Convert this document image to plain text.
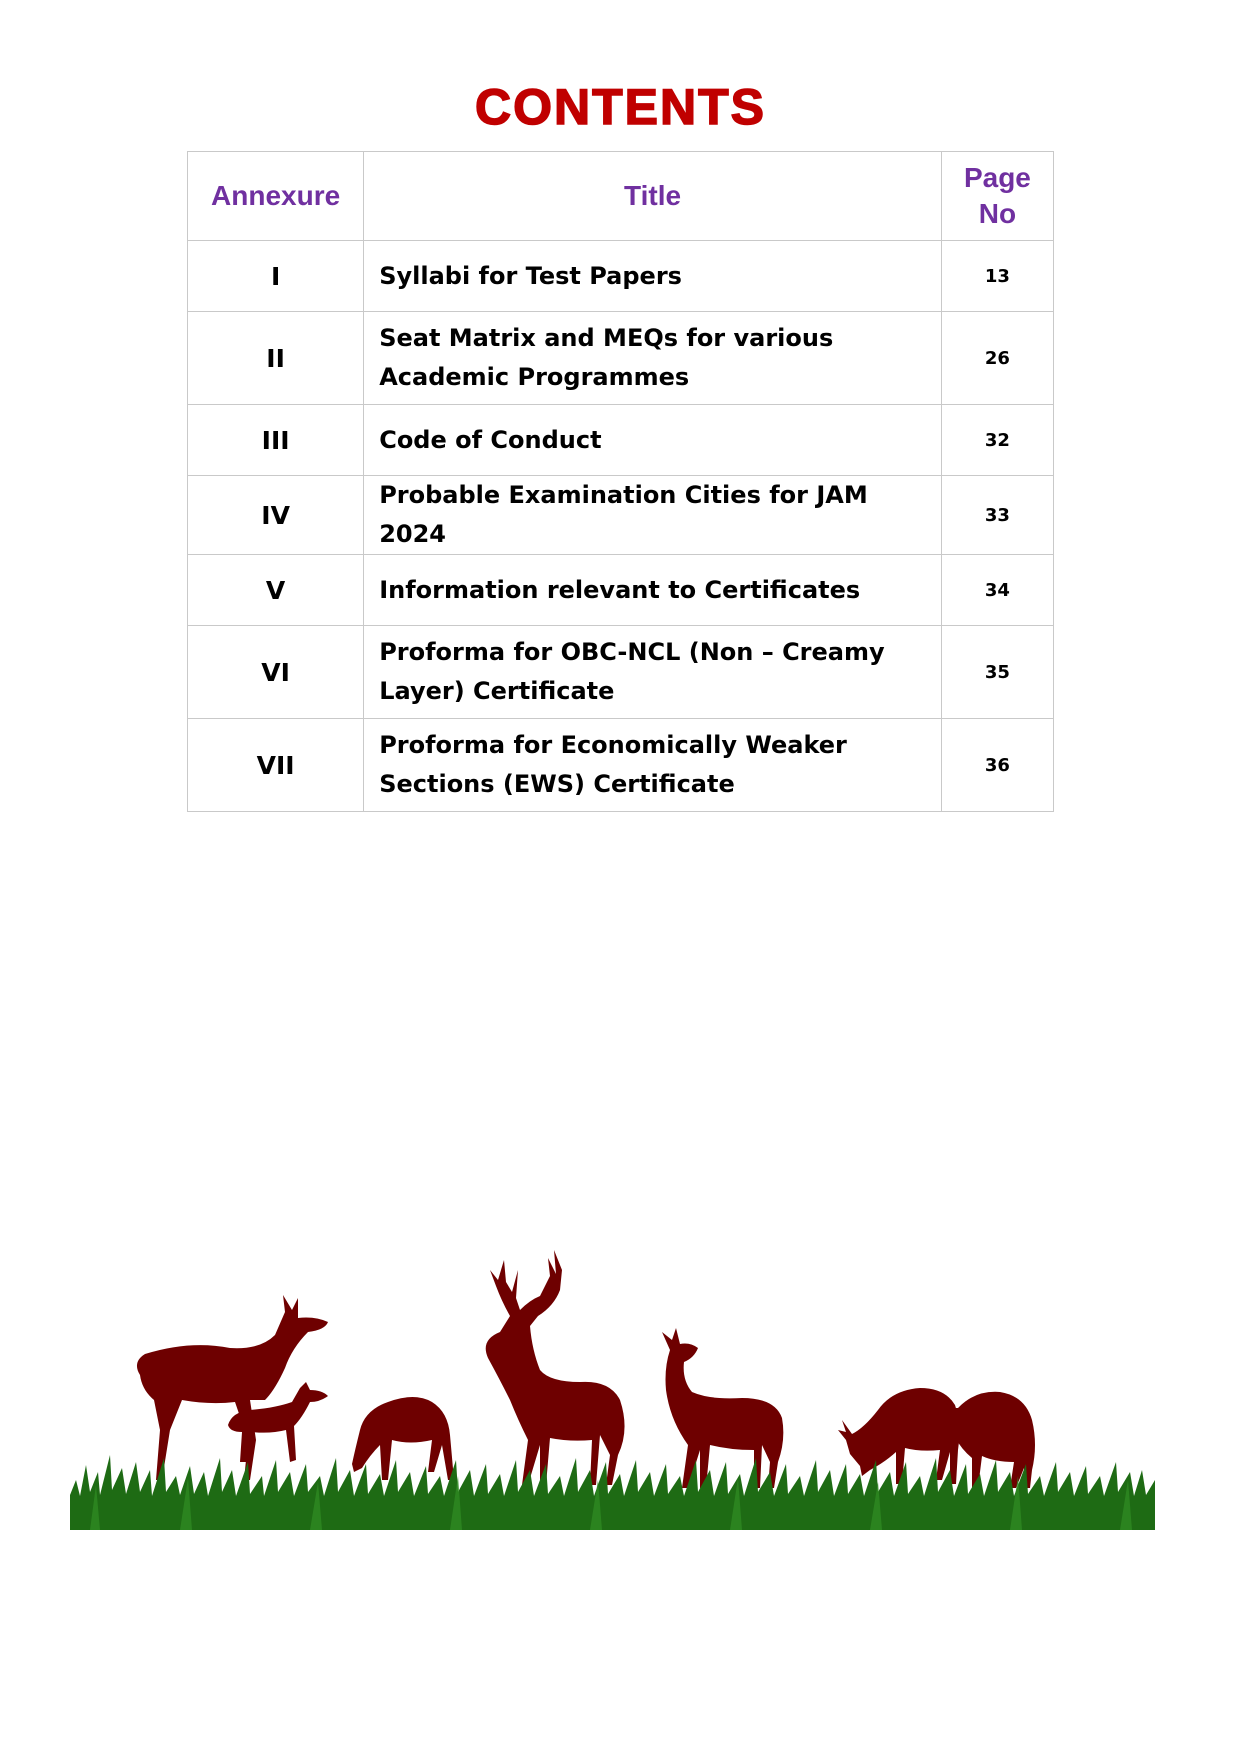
CONTENTS
Annexure	Title	Page No
I	Syllabi for Test Papers	13
II	Seat Matrix and MEQs for various Academic Programmes	26
III	Code of Conduct	32
IV	Probable Examination Cities for JAM 2024	33
V	Information relevant to Certificates	34
VI	Proforma for OBC-NCL (Non – Creamy Layer) Certificate	35
VII	Proforma for Economically Weaker Sections (EWS) Certificate	36
